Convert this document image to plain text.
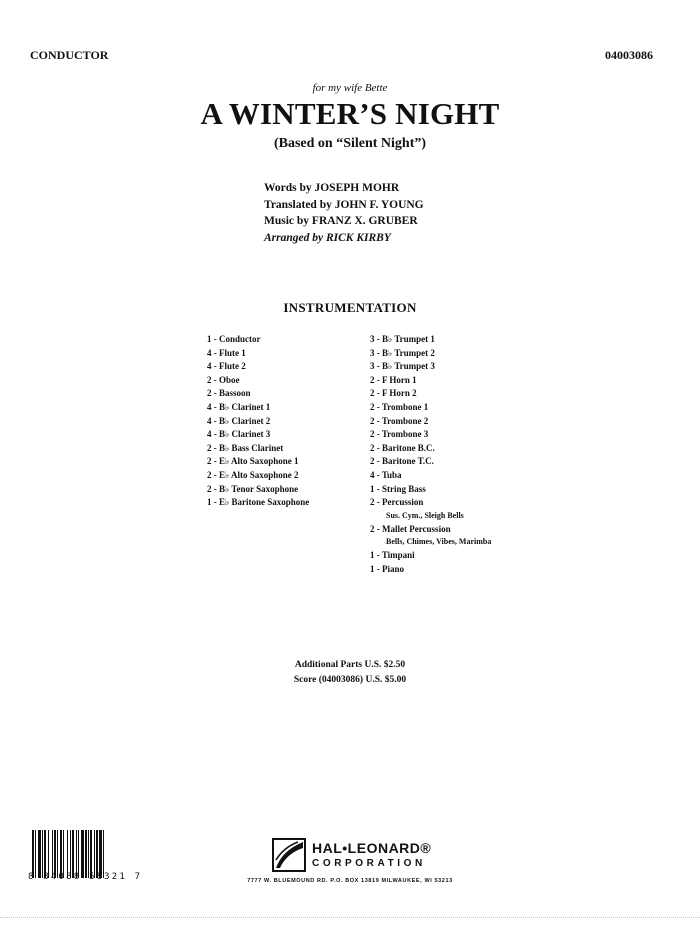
CONDUCTOR	04003086
for my wife Bette
A WINTER’S NIGHT
(Based on “Silent Night”)
Words by JOSEPH MOHR
Translated by JOHN F. YOUNG
Music by FRANZ X. GRUBER
Arranged by RICK KIRBY
INSTRUMENTATION
1 - Conductor
4 - Flute 1
4 - Flute 2
2 - Oboe
2 - Bassoon
4 - B♭ Clarinet 1
4 - B♭ Clarinet 2
4 - B♭ Clarinet 3
2 - B♭ Bass Clarinet
2 - E♭ Alto Saxophone 1
2 - E♭ Alto Saxophone 2
2 - B♭ Tenor Saxophone
1 - E♭ Baritone Saxophone
3 - B♭ Trumpet 1
3 - B♭ Trumpet 2
3 - B♭ Trumpet 3
2 - F Horn 1
2 - F Horn 2
2 - Trombone 1
2 - Trombone 2
2 - Trombone 3
2 - Baritone B.C.
2 - Baritone T.C.
4 - Tuba
1 - String Bass
2 - Percussion
Sus. Cym., Sleigh Bells
2 - Mallet Percussion
Bells, Chimes, Vibes, Marimba
1 - Timpani
1 - Piano
Additional Parts U.S. $2.50
Score (04003086) U.S. $5.00
8 84088 58321 7
HAL•LEONARD®
CORPORATION
7777 W. BLUEMOUND RD. P.O. BOX 13819 MILWAUKEE, WI 53213
